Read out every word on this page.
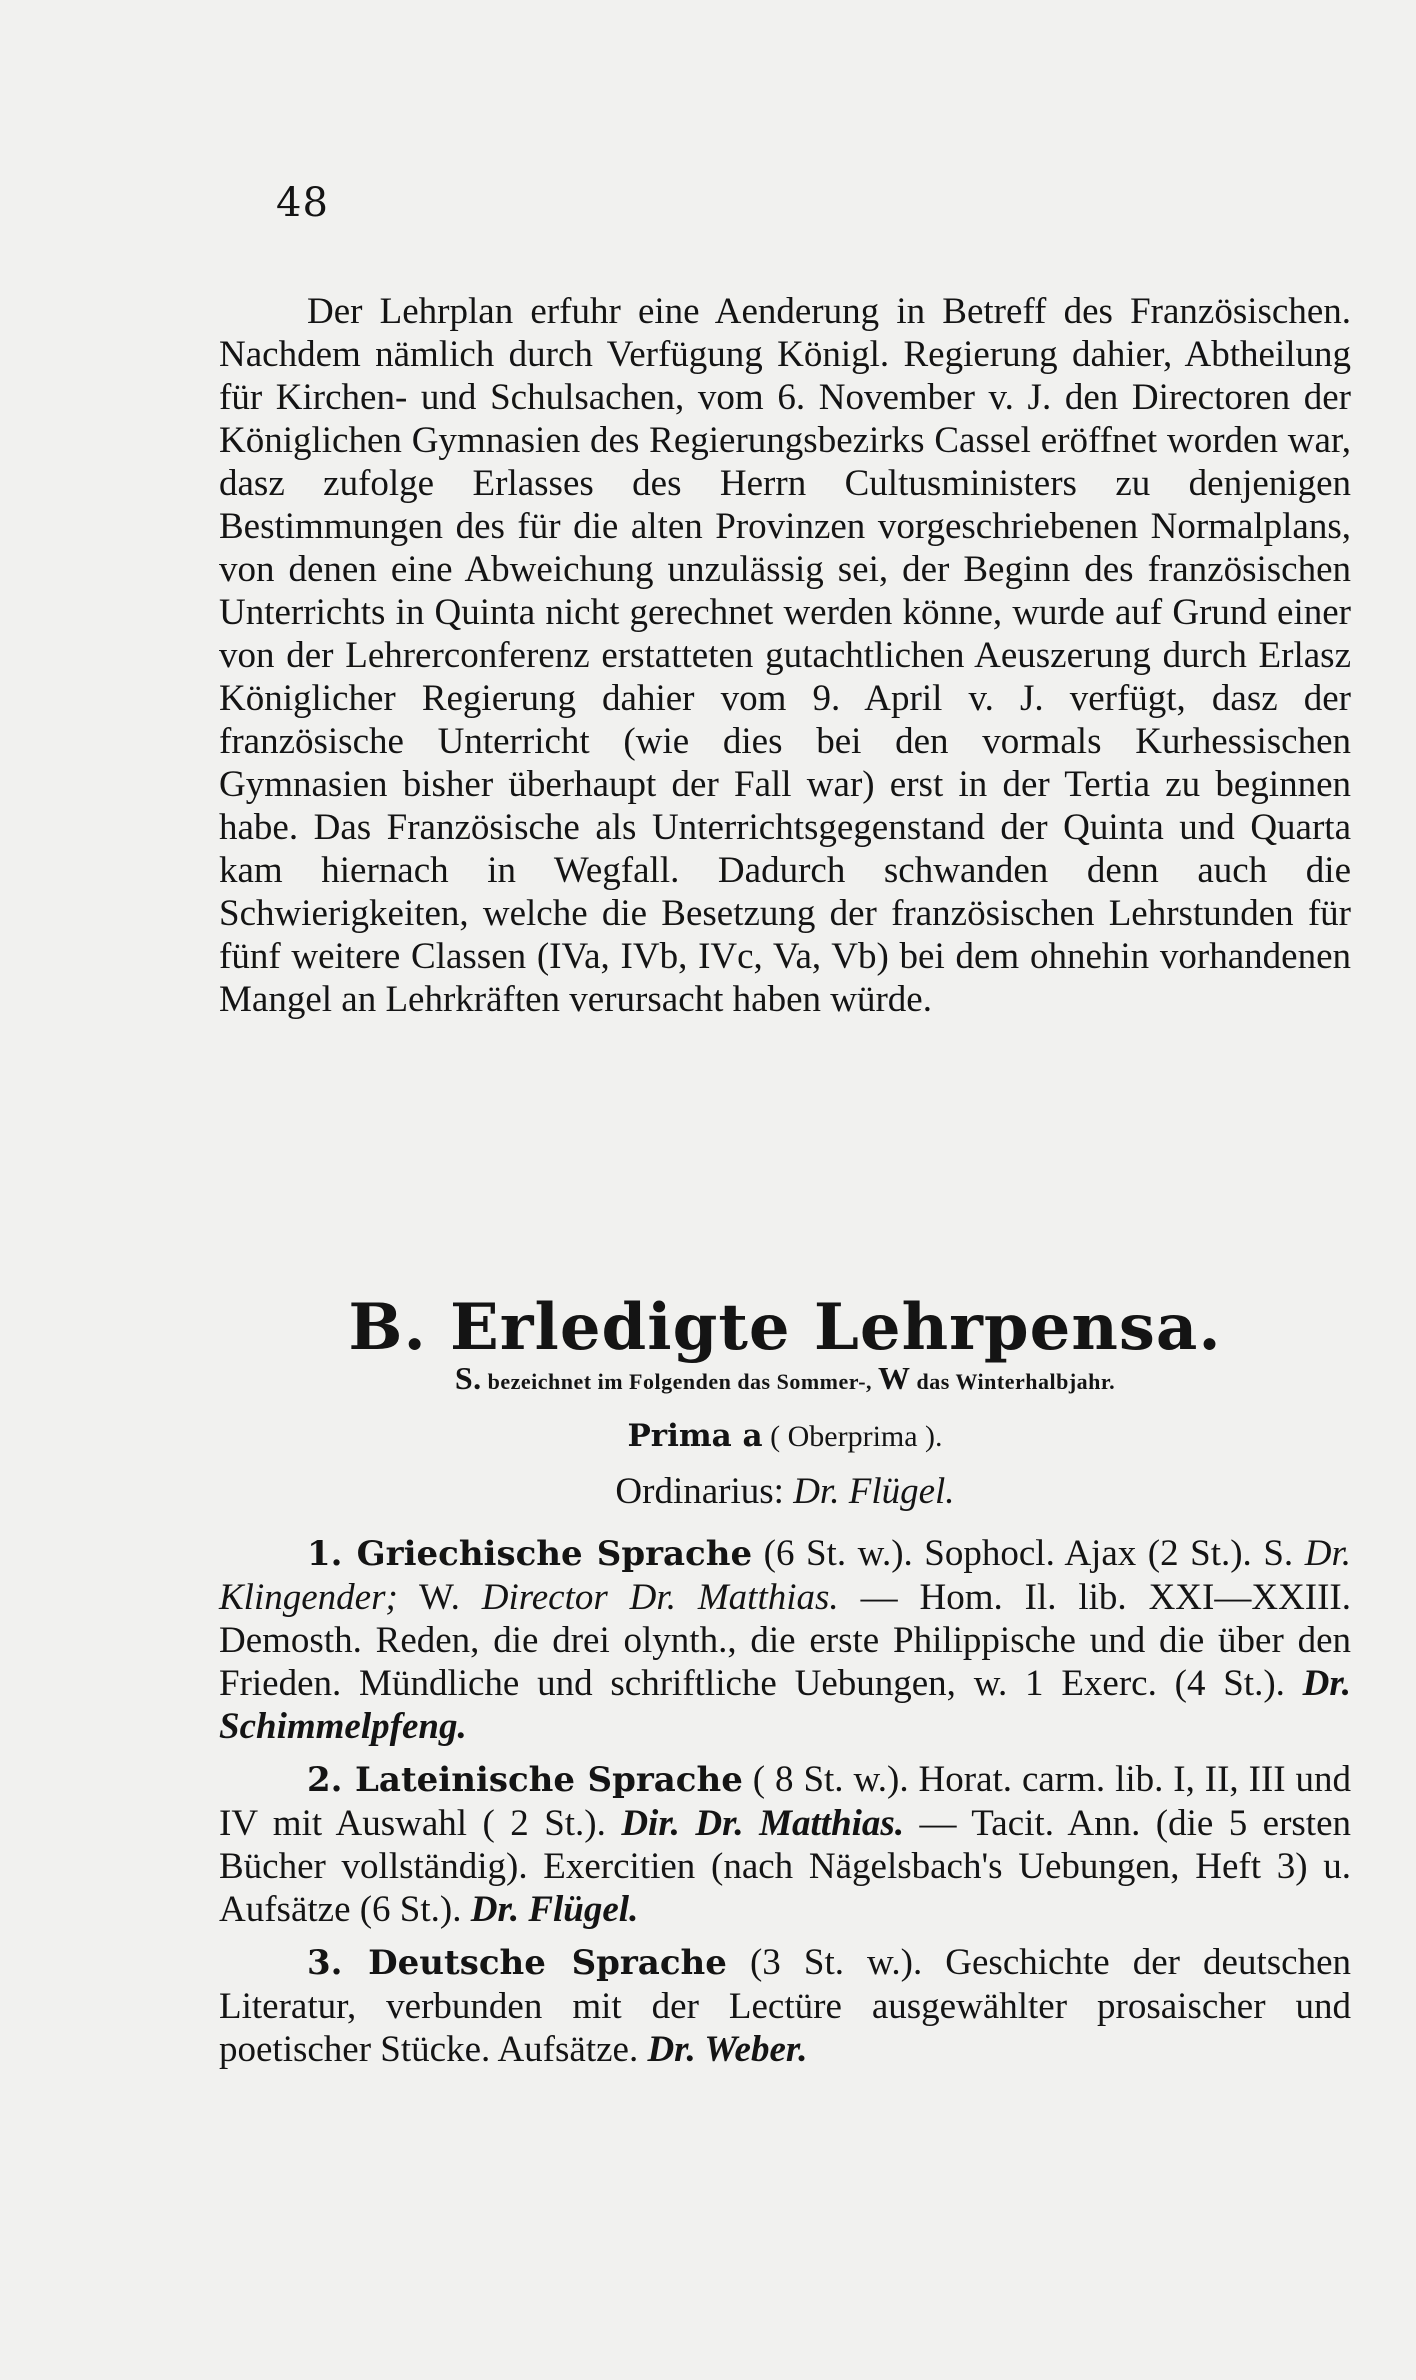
48

Der Lehrplan erfuhr eine Aenderung in Betreff des Französischen. Nachdem nämlich durch Verfügung Königl. Regierung dahier, Abtheilung für Kirchen- und Schulsachen, vom 6. November v. J. den Directoren der Königlichen Gymnasien des Regierungsbezirks Cassel eröffnet worden war, dasz zufolge Erlasses des Herrn Cultusministers zu denjenigen Bestimmungen des für die alten Provinzen vorgeschriebenen Normalplans, von denen eine Abweichung unzulässig sei, der Beginn des französischen Unterrichts in Quinta nicht gerechnet werden könne, wurde auf Grund einer von der Lehrerconferenz erstatteten gutachtlichen Aeuszerung durch Erlasz Königlicher Regierung dahier vom 9. April v. J. verfügt, dasz der französische Unterricht (wie dies bei den vormals Kurhessischen Gymnasien bisher überhaupt der Fall war) erst in der Tertia zu beginnen habe. Das Französische als Unterrichtsgegenstand der Quinta und Quarta kam hiernach in Wegfall. Dadurch schwanden denn auch die Schwierigkeiten, welche die Besetzung der französischen Lehrstunden für fünf weitere Classen (IVa, IVb, IVc, Va, Vb) bei dem ohnehin vorhandenen Mangel an Lehrkräften verursacht haben würde.

B. Erledigte Lehrpensa.
S. bezeichnet im Folgenden das Sommer-, W das Winterhalbjahr.
Prima a ( Oberprima ).
Ordinarius: Dr. Flügel.

1. Griechische Sprache (6 St. w.). Sophocl. Ajax (2 St.). S. Dr. Klingender; W. Director Dr. Matthias. — Hom. Il. lib. XXI—XXIII. Demosth. Reden, die drei olynth., die erste Philippische und die über den Frieden. Mündliche und schriftliche Uebungen, w. 1 Exerc. (4 St.). Dr. Schimmelpfeng.

2. Lateinische Sprache ( 8 St. w.). Horat. carm. lib. I, II, III und IV mit Auswahl ( 2 St.). Dir. Dr. Matthias. — Tacit. Ann. (die 5 ersten Bücher vollständig). Exercitien (nach Nägelsbach's Uebungen, Heft 3) u. Aufsätze (6 St.). Dr. Flügel.

3. Deutsche Sprache (3 St. w.). Geschichte der deutschen Literatur, verbunden mit der Lectüre ausgewählter prosaischer und poetischer Stücke. Aufsätze. Dr. Weber.
